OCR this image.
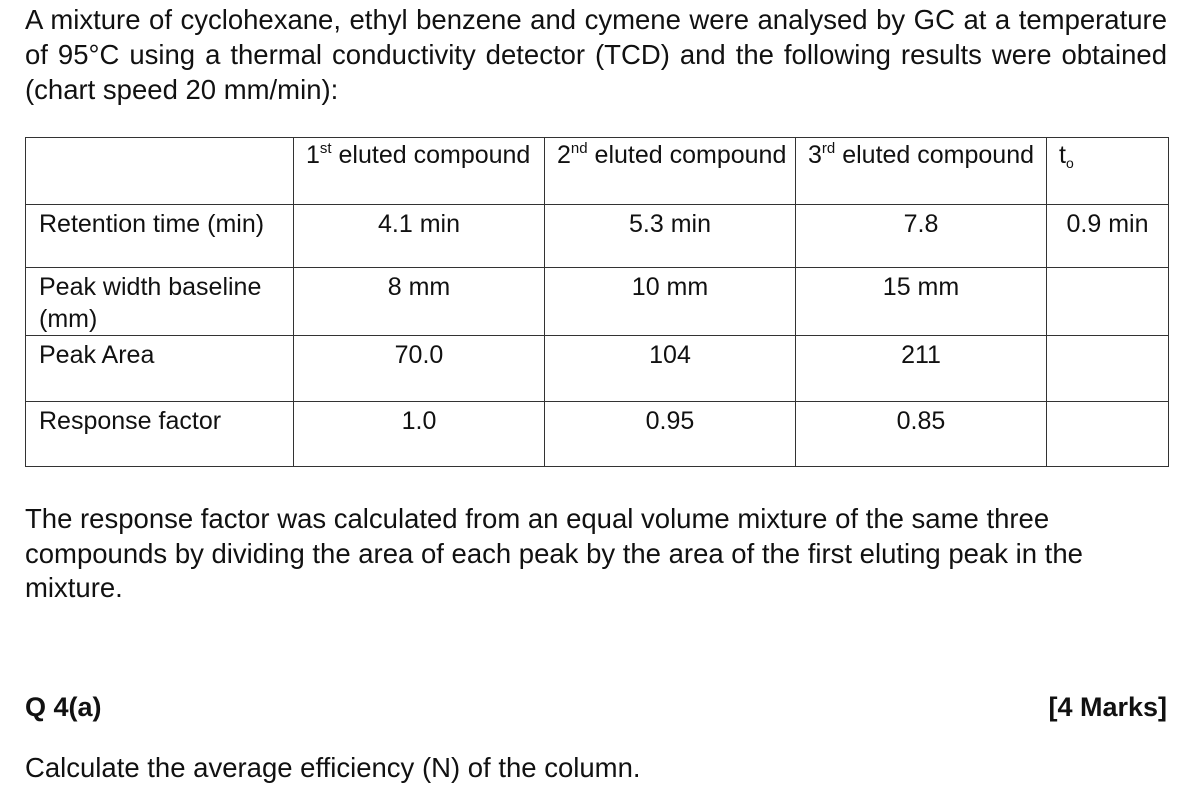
A mixture of cyclohexane, ethyl benzene and cymene were analysed by GC at a temperature of 95°C using a thermal conductivity detector (TCD) and the following results were obtained (chart speed 20 mm/min):

	1st eluted compound	2nd eluted compound	3rd eluted compound	$t_o$
Retention time (min)	4.1 min	5.3 min	7.8	0.9 min
Peak width baseline (mm)	8 mm	10 mm	15 mm	
Peak Area	70.0	104	211	
Response factor	1.0	0.95	0.85	

The response factor was calculated from an equal volume mixture of the same three compounds by dividing the area of each peak by the area of the first eluting peak in the mixture.

Q 4(a)	[4 Marks]
Calculate the average efficiency (N) of the column.
